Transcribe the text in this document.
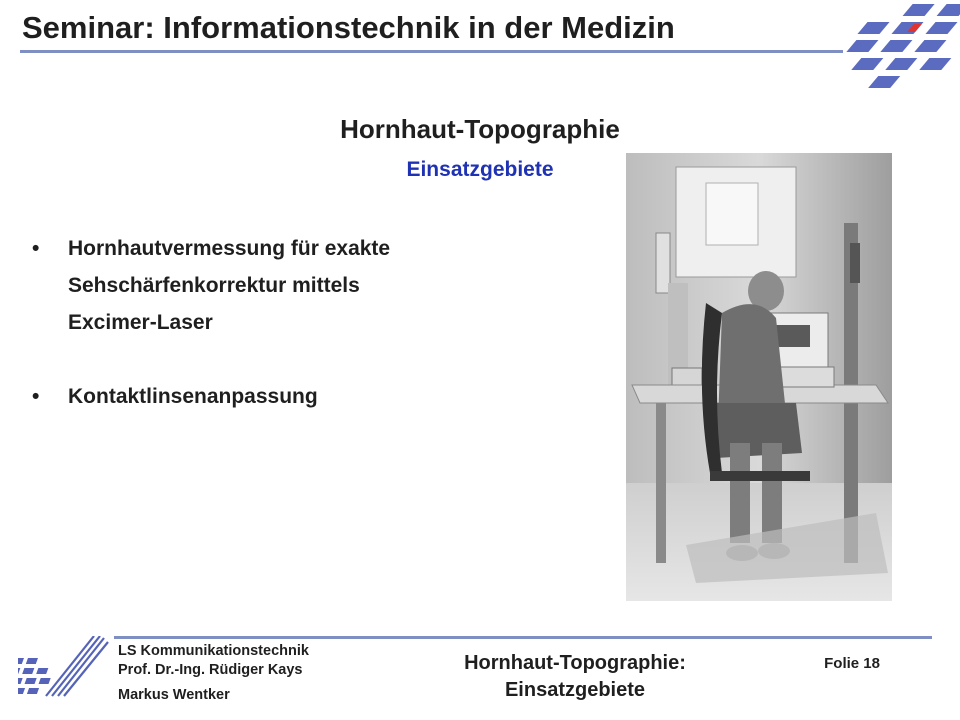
Seminar: Informationstechnik in der Medizin
Hornhaut-Topographie
Einsatzgebiete
• Hornhautvermessung für exakte
Sehschärfenkorrektur mittels
Excimer-Laser
• Kontaktlinsenanpassung
LS Kommunikationstechnik
Prof. Dr.-Ing. Rüdiger Kays
Markus Wentker
Hornhaut-Topographie:
Einsatzgebiete
Folie 18
